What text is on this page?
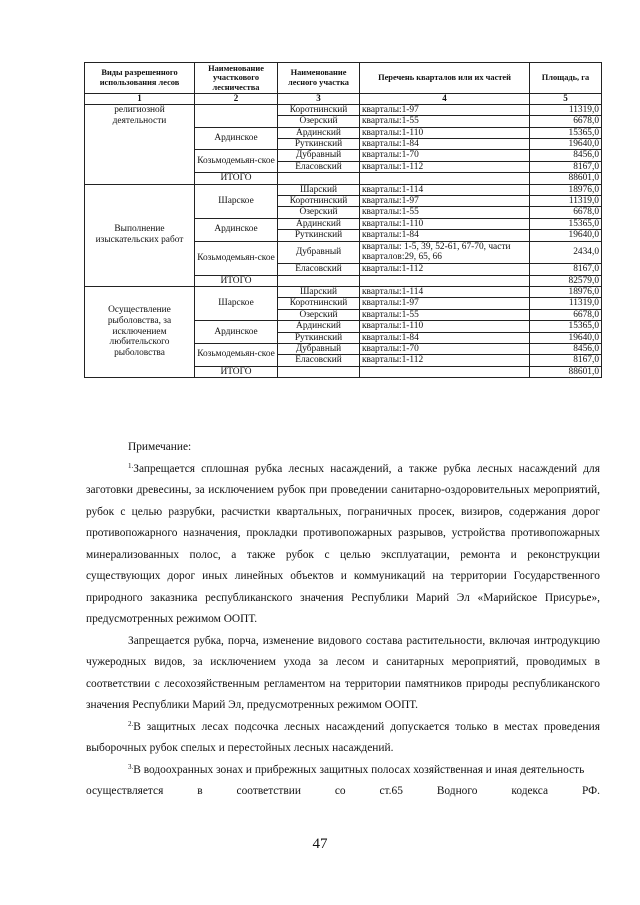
Виды разрешенного использования лесов	Наименование участкового лесничества	Наименование лесного участка	Перечень кварталов или их частей	Площадь, га
1	2	3	4	5
религиозной деятельности		Коротнинский	кварталы:1-97	11319,0
		Озерский	кварталы:1-55	6678,0
	Ардинское	Ардинский	кварталы:1-110	15365,0
		Руткинский	кварталы:1-84	19640,0
	Козьмодемьян-ское	Дубравный	кварталы:1-70	8456,0
		Еласовский	кварталы:1-112	8167,0
	ИТОГО			88601,0
Выполнение изыскательских работ	Шарское	Шарский	кварталы:1-114	18976,0
		Коротнинский	кварталы:1-97	11319,0
		Озерский	кварталы:1-55	6678,0
	Ардинское	Ардинский	кварталы:1-110	15365,0
		Руткинский	кварталы:1-84	19640,0
	Козьмодемьян-ское	Дубравный	кварталы: 1-5, 39, 52-61, 67-70, части кварталов:29, 65, 66	2434,0
		Еласовский	кварталы:1-112	8167,0
	ИТОГО			82579,0
Осуществление рыболовства, за исключением любительского рыболовства	Шарское	Шарский	кварталы:1-114	18976,0
		Коротнинский	кварталы:1-97	11319,0
		Озерский	кварталы:1-55	6678,0
	Ардинское	Ардинский	кварталы:1-110	15365,0
		Руткинский	кварталы:1-84	19640,0
	Козьмодемьян-ское	Дубравный	кварталы:1-70	8456,0
		Еласовский	кварталы:1-112	8167,0
	ИТОГО			88601,0

Примечание:

$^{1.}$Запрещается сплошная рубка лесных насаждений, а также рубка лесных насаждений для заготовки древесины, за исключением рубок при проведении санитарно-оздоровительных мероприятий, рубок с целью разрубки, расчистки квартальных, пограничных просек, визиров, содержания дорог противопожарного назначения, прокладки противопожарных разрывов, устройства противопожарных минерализованных полос, а также рубок с целью эксплуатации, ремонта и реконструкции существующих дорог иных линейных объектов и коммуникаций на территории Государственного природного заказника республиканского значения Республики Марий Эл «Марийское Присурье», предусмотренных режимом ООПТ.

Запрещается рубка, порча, изменение видового состава растительности, включая интродукцию чужеродных видов, за исключением ухода за лесом и санитарных мероприятий, проводимых в соответствии с лесохозяйственным регламентом на территории памятников природы республиканского значения Республики Марий Эл, предусмотренных режимом ООПТ.

$^{2.}$В защитных лесах подсочка лесных насаждений допускается только в местах проведения выборочных рубок спелых и перестойных лесных насаждений.

$^{3.}$В водоохранных зонах и прибрежных защитных полосах хозяйственная и иная деятельность

осуществляется	в	соответствии	со	ст.65	Водного	кодекса	РФ.
47
